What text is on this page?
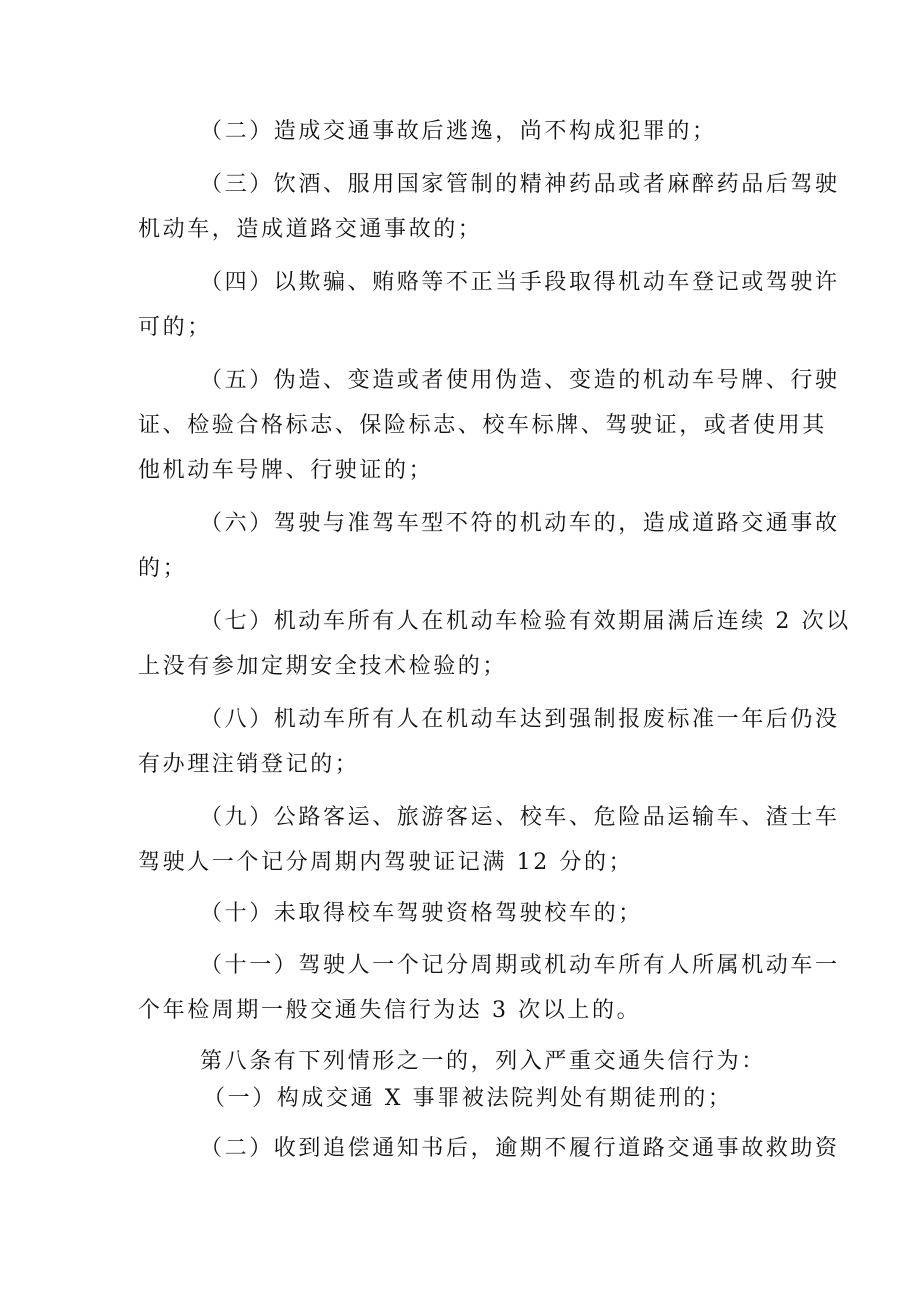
（二）造成交通事故后逃逸，尚不构成犯罪的；

（三）饮酒、服用国家管制的精神药品或者麻醉药品后驾驶

机动车，造成道路交通事故的；

（四）以欺骗、贿赂等不正当手段取得机动车登记或驾驶许

可的；

（五）伪造、变造或者使用伪造、变造的机动车号牌、行驶

证、检验合格标志、保险标志、校车标牌、驾驶证，或者使用其

他机动车号牌、行驶证的；

（六）驾驶与准驾车型不符的机动车的，造成道路交通事故

的；

（七）机动车所有人在机动车检验有效期届满后连续 2 次以

上没有参加定期安全技术检验的；

（八）机动车所有人在机动车达到强制报废标准一年后仍没

有办理注销登记的；

（九）公路客运、旅游客运、校车、危险品运输车、渣士车

驾驶人一个记分周期内驾驶证记满 12 分的；

（十）未取得校车驾驶资格驾驶校车的；

（十一）驾驶人一个记分周期或机动车所有人所属机动车一

个年检周期一般交通失信行为达 3 次以上的。

第八条有下列情形之一的，列入严重交通失信行为：

（一）构成交通 X 事罪被法院判处有期徒刑的；

（二）收到追偿通知书后，逾期不履行道路交通事故救助资
